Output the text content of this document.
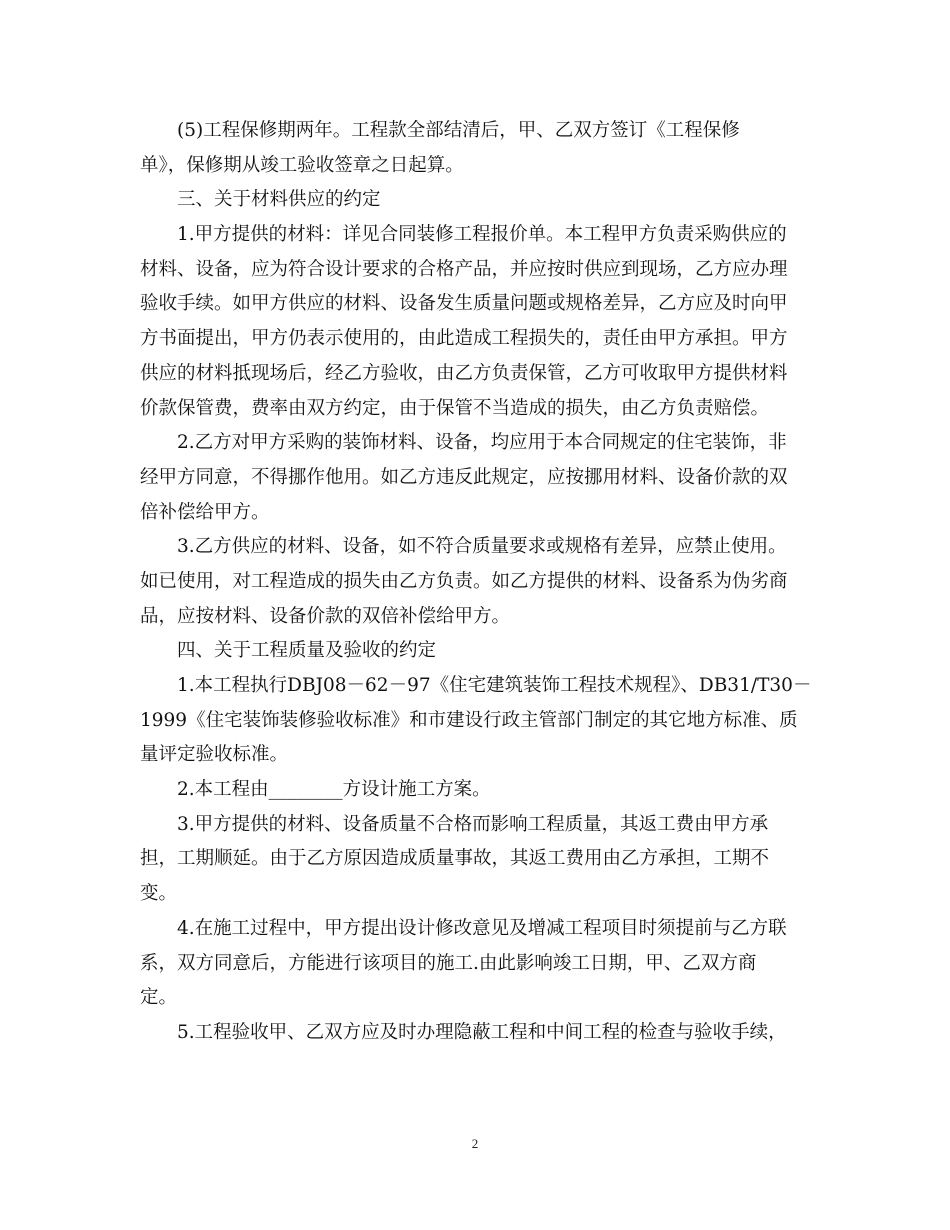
(5)工程保修期两年。工程款全部结清后，甲、乙双方签订《工程保修
单》，保修期从竣工验收签章之日起算。
三、关于材料供应的约定
1.甲方提供的材料：详见合同装修工程报价单。本工程甲方负责采购供应的
材料、设备，应为符合设计要求的合格产品，并应按时供应到现场，乙方应办理
验收手续。如甲方供应的材料、设备发生质量问题或规格差异，乙方应及时向甲
方书面提出，甲方仍表示使用的，由此造成工程损失的，责任由甲方承担。甲方
供应的材料抵现场后，经乙方验收，由乙方负责保管，乙方可收取甲方提供材料
价款保管费，费率由双方约定，由于保管不当造成的损失，由乙方负责赔偿。
2.乙方对甲方采购的装饰材料、设备，均应用于本合同规定的住宅装饰，非
经甲方同意，不得挪作他用。如乙方违反此规定，应按挪用材料、设备价款的双
倍补偿给甲方。
3.乙方供应的材料、设备，如不符合质量要求或规格有差异，应禁止使用。
如已使用，对工程造成的损失由乙方负责。如乙方提供的材料、设备系为伪劣商
品，应按材料、设备价款的双倍补偿给甲方。
四、关于工程质量及验收的约定
1.本工程执行DBJ08－62－97《住宅建筑装饰工程技术规程》、DB31/T30－
1999《住宅装饰装修验收标准》和市建设行政主管部门制定的其它地方标准、质
量评定验收标准。
2.本工程由________方设计施工方案。
3.甲方提供的材料、设备质量不合格而影响工程质量，其返工费由甲方承
担，工期顺延。由于乙方原因造成质量事故，其返工费用由乙方承担，工期不
变。
4.在施工过程中，甲方提出设计修改意见及增减工程项目时须提前与乙方联
系，双方同意后，方能进行该项目的施工.由此影响竣工日期，甲、乙双方商
定。
5.工程验收甲、乙双方应及时办理隐蔽工程和中间工程的检查与验收手续，
2
